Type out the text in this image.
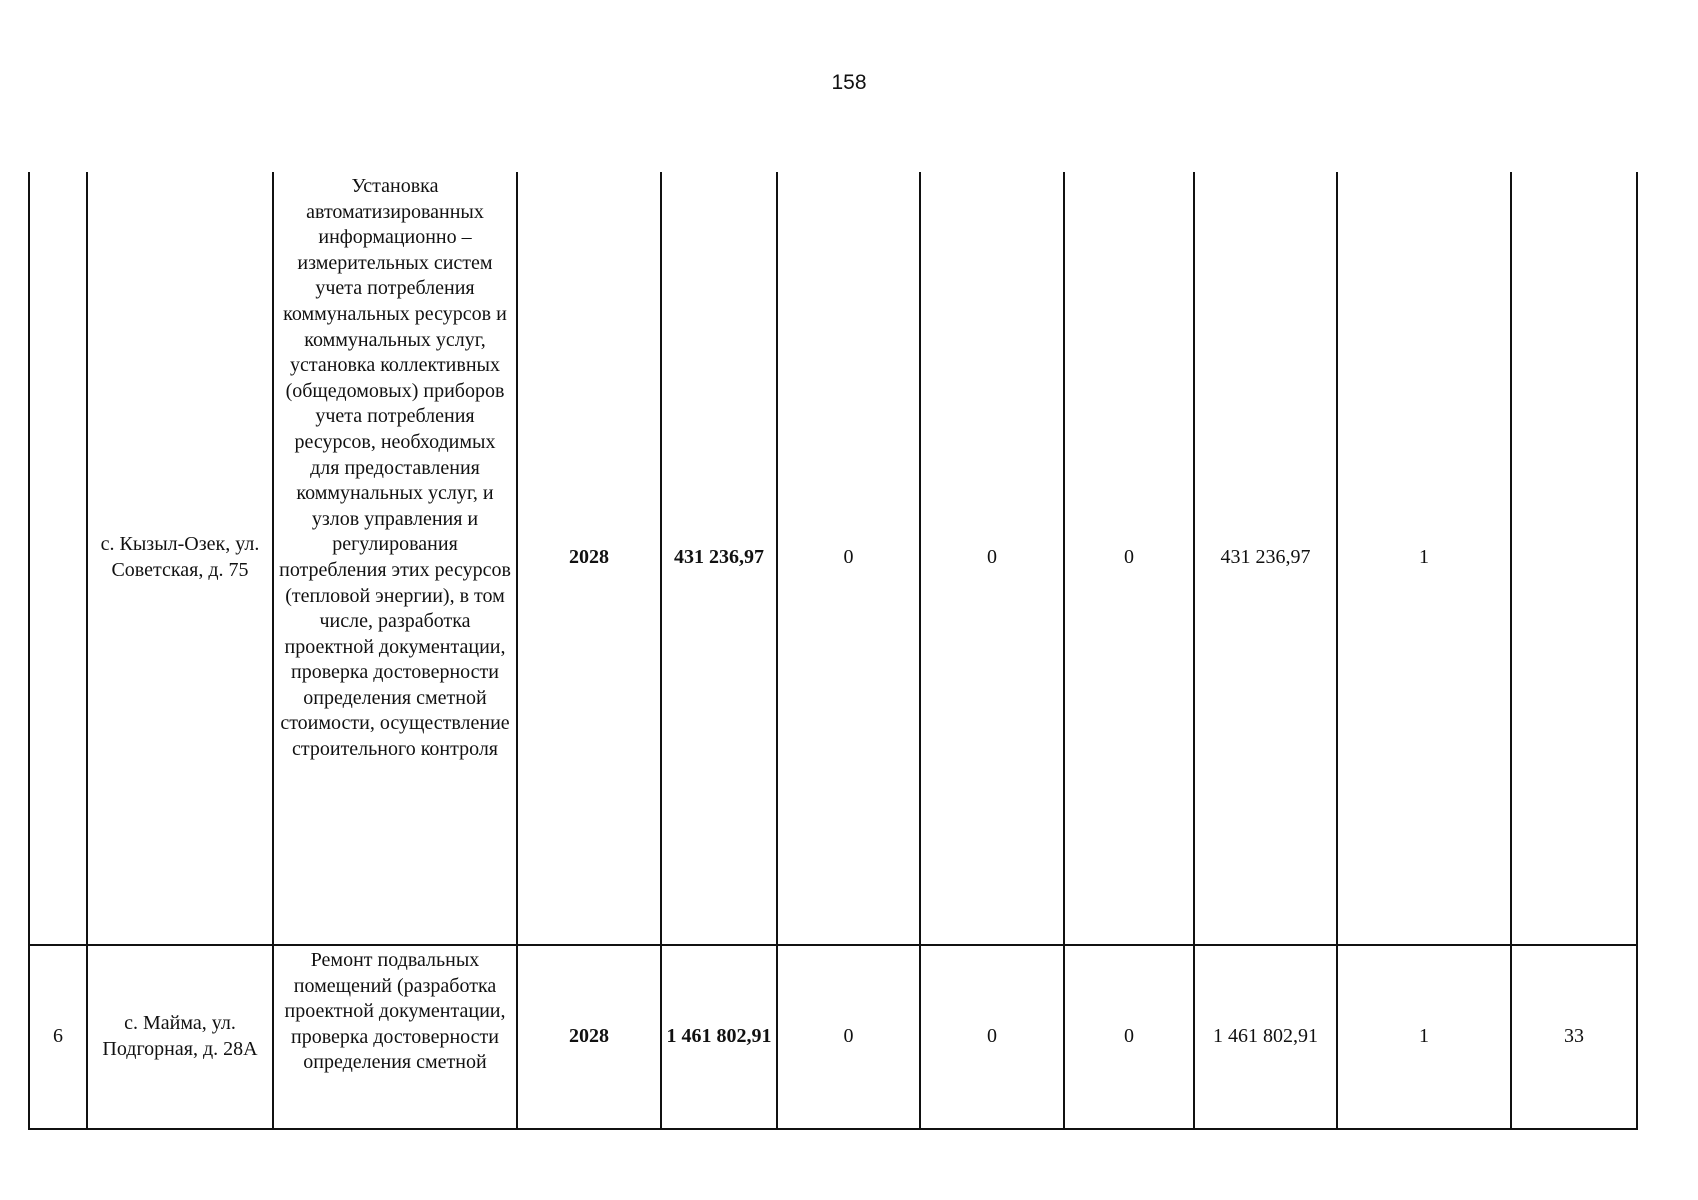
158
	с. Кызыл-Озек, ул. Советская, д. 75	Установка автоматизированных информационно – измерительных систем учета потребления коммунальных ресурсов и коммунальных услуг, установка коллективных (общедомовых) приборов учета потребления ресурсов, необходимых для предоставления коммунальных услуг, и узлов управления и регулирования потребления этих ресурсов (тепловой энергии), в том числе, разработка проектной документации, проверка достоверности определения сметной стоимости, осуществление строительного контроля	2028	431 236,97	0	0	0	431 236,97	1	
6	с. Майма, ул. Подгорная, д. 28А	Ремонт подвальных помещений (разработка проектной документации, проверка достоверности определения сметной	2028	1 461 802,91	0	0	0	1 461 802,91	1	33
